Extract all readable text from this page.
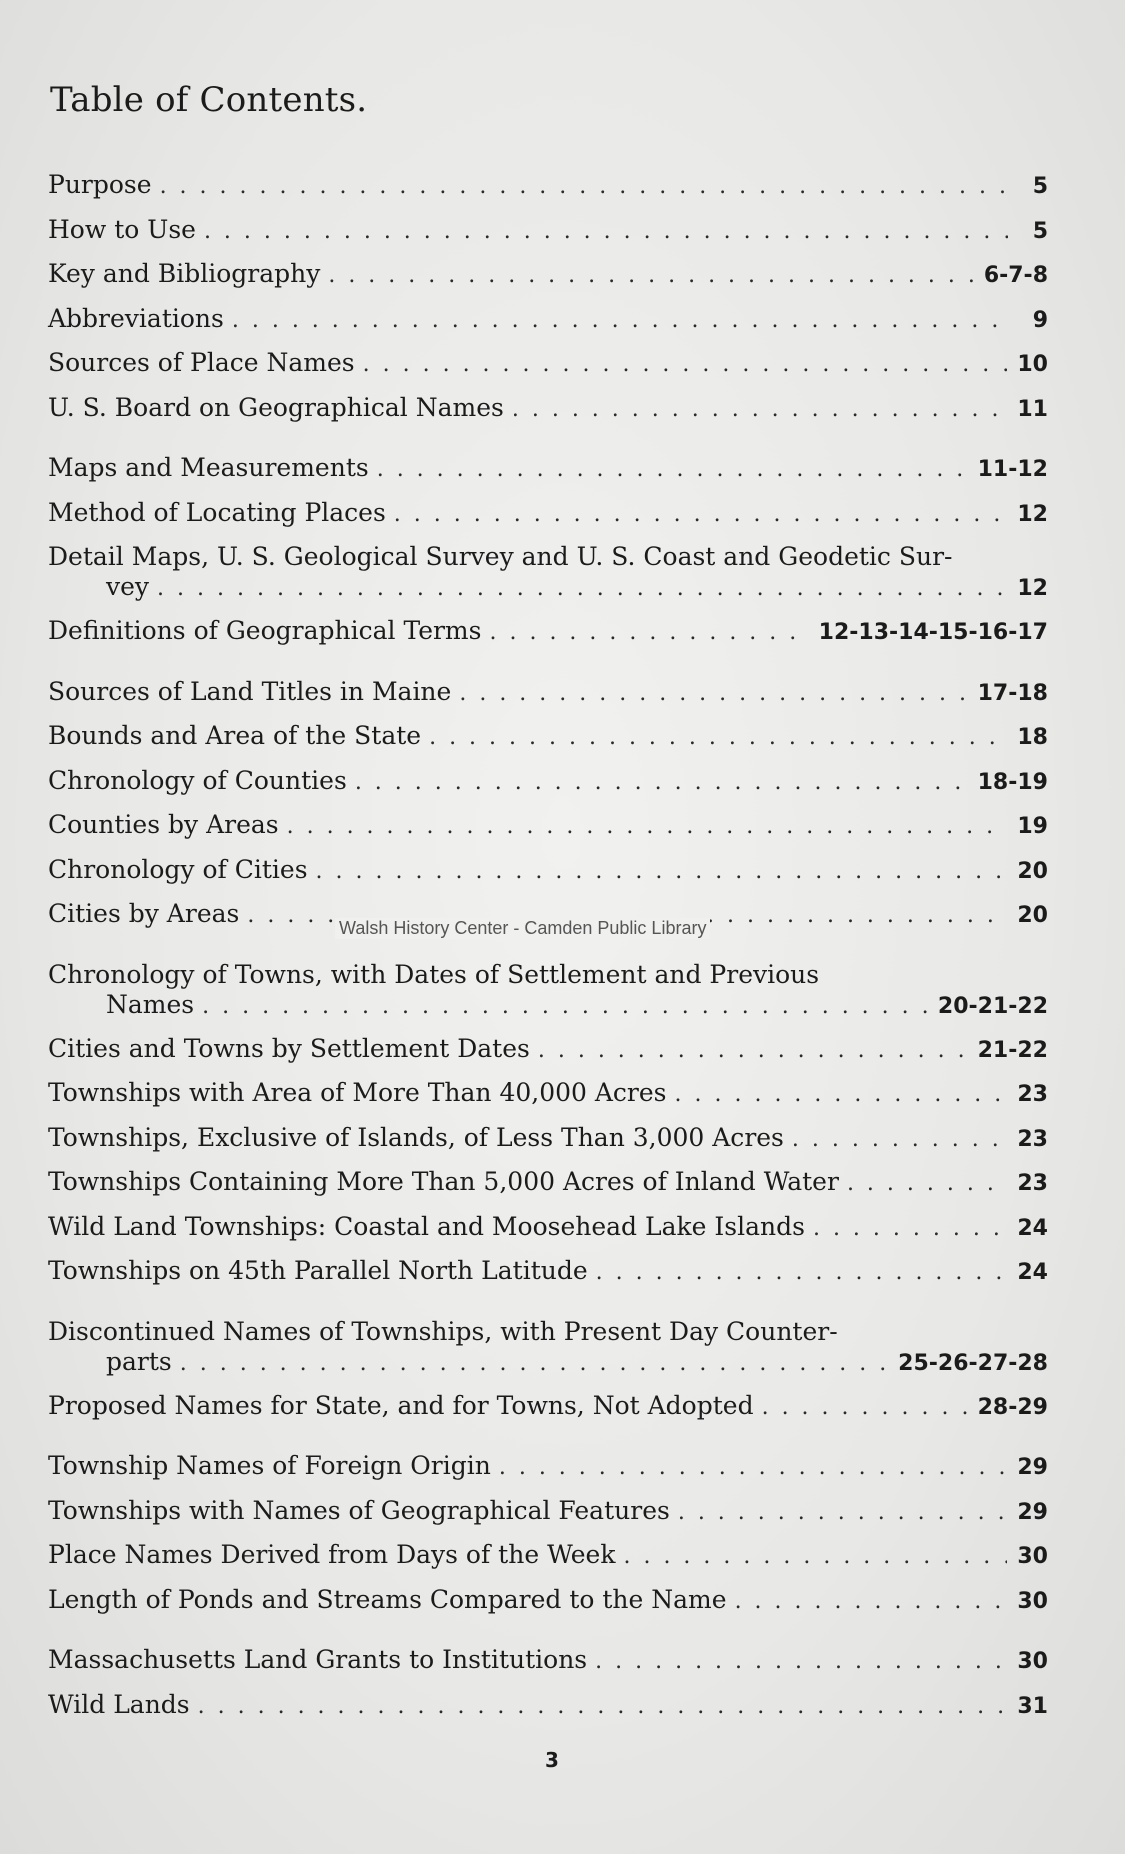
Table of Contents.
Purpose . . .	5
How to Use . . .	5
Key and Bibliography . . .	6-7-8
Abbreviations . . .	9
Sources of Place Names . . .	10
U. S. Board on Geographical Names . . .	11
Maps and Measurements . . .	11-12
Method of Locating Places . . .	12
Detail Maps, U. S. Geological Survey and U. S. Coast and Geodetic Sur-
vey . . .	12
Definitions of Geographical Terms . . .	12-13-14-15-16-17
Sources of Land Titles in Maine . . .	17-18
Bounds and Area of the State . . .	18
Chronology of Counties . . .	18-19
Counties by Areas . . .	19
Chronology of Cities . . .	20
Cities by Areas . . .	20
Chronology of Towns, with Dates of Settlement and Previous
Names . . .	20-21-22
Cities and Towns by Settlement Dates . . .	21-22
Townships with Area of More Than 40,000 Acres . . .	23
Townships, Exclusive of Islands, of Less Than 3,000 Acres . . .	23
Townships Containing More Than 5,000 Acres of Inland Water . . .	23
Wild Land Townships: Coastal and Moosehead Lake Islands . . .	24
Townships on 45th Parallel North Latitude . . .	24
Discontinued Names of Townships, with Present Day Counter-
parts . . .	25-26-27-28
Proposed Names for State, and for Towns, Not Adopted . . .	28-29
Township Names of Foreign Origin . . .	29
Townships with Names of Geographical Features . . .	29
Place Names Derived from Days of the Week . . .	30
Length of Ponds and Streams Compared to the Name . . .	30
Massachusetts Land Grants to Institutions . . .	30
Wild Lands . . .	31
Walsh History Center - Camden Public Library
3
